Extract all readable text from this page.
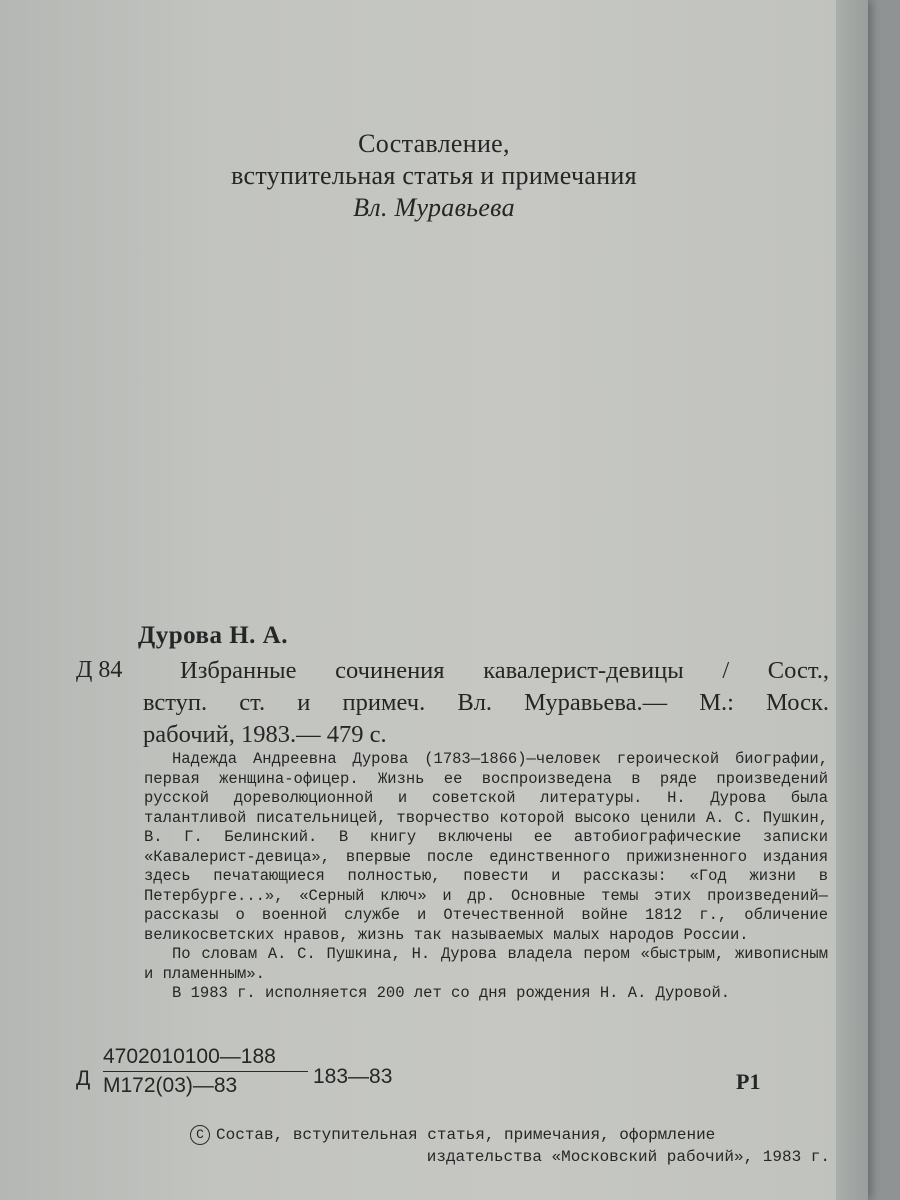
Составление,
вступительная статья и примечания
Вл. Муравьева
Дурова Н. А.
Д 84	Избранные сочинения кавалерист-девицы / Сост.,
вступ. ст. и примеч. Вл. Муравьева.— М.: Моск.
рабочий, 1983.— 479 с.

Надежда Андреевна Дурова (1783—1866)—человек героической биографии, первая женщина-офицер. Жизнь ее воспроизведена в ряде произведений русской дореволюционной и советской литературы. Н. Дурова была талантливой писательницей, творчество которой высоко ценили А. С. Пушкин, В. Г. Белинский. В книгу включены ее автобиографические записки «Кавалерист-девица», впервые после единственного прижизненного издания здесь печатающиеся полностью, повести и рассказы: «Год жизни в Петербурге...», «Серный ключ» и др. Основные темы этих произведений—рассказы о военной службе и Отечественной войне 1812 г., обличение великосветских нравов, жизнь так называемых малых народов России.

По словам А. С. Пушкина, Н. Дурова владела пером «быстрым, живописным и пламенным».

В 1983 г. исполняется 200 лет со дня рождения Н. А. Дуровой.

Д
4702010100—188
М172(03)—83	183—83	P1
С Состав, вступительная статья, примечания, оформление
издательства «Московский рабочий», 1983 г.
